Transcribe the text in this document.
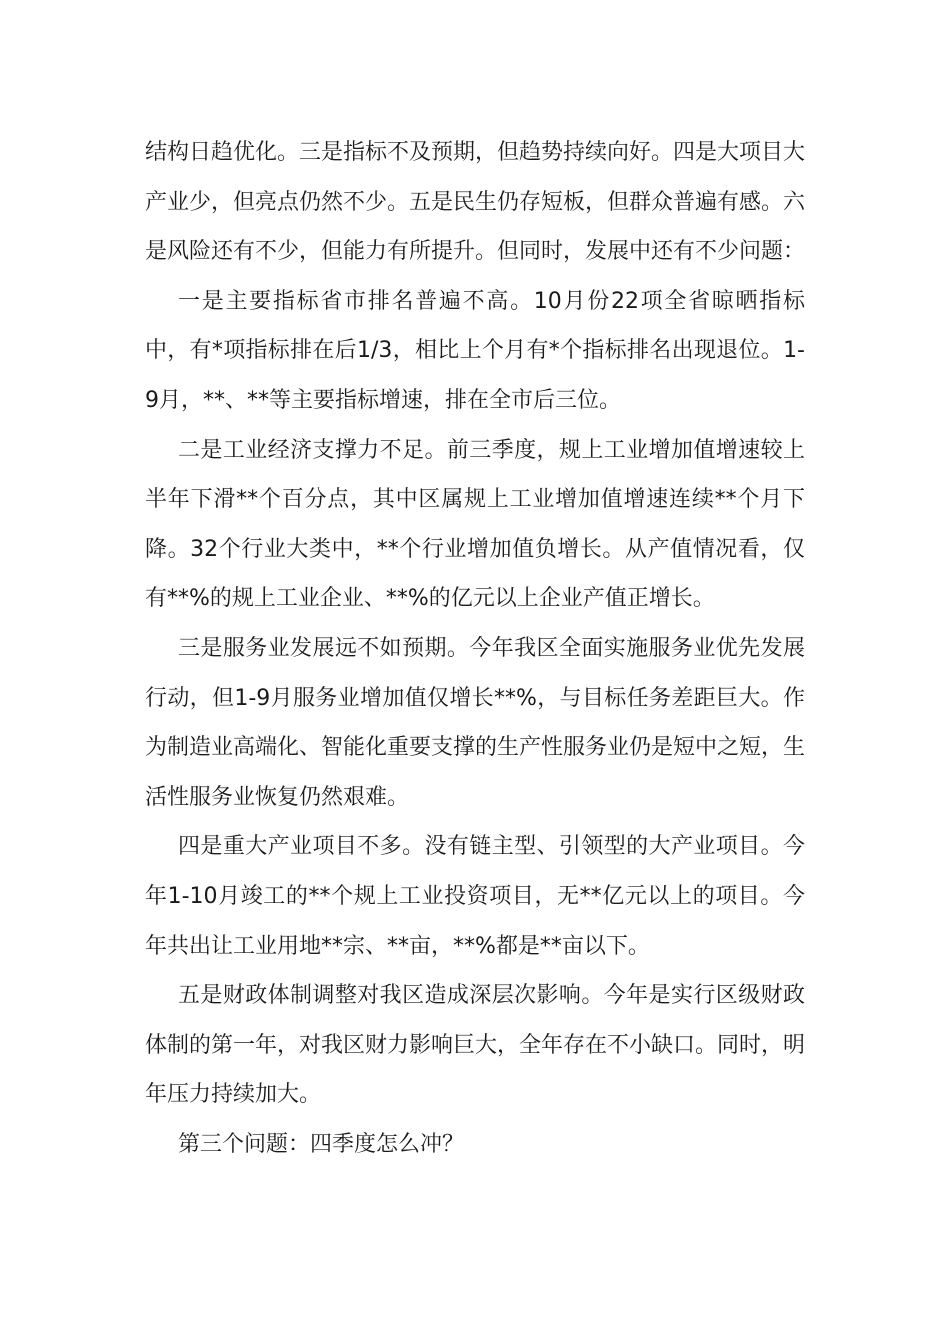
结构日趋优化。三是指标不及预期，但趋势持续向好。四是大项目大产业少，但亮点仍然不少。五是民生仍存短板，但群众普遍有感。六是风险还有不少，但能力有所提升。但同时，发展中还有不少问题：

一是主要指标省市排名普遍不高。10月份22项全省晾晒指标中，有*项指标排在后1/3，相比上个月有*个指标排名出现退位。1-9月，**、**等主要指标增速，排在全市后三位。

二是工业经济支撑力不足。前三季度，规上工业增加值增速较上半年下滑**个百分点，其中区属规上工业增加值增速连续**个月下降。32个行业大类中，**个行业增加值负增长。从产值情况看，仅有**%的规上工业企业、**%的亿元以上企业产值正增长。

三是服务业发展远不如预期。今年我区全面实施服务业优先发展行动，但1-9月服务业增加值仅增长**%，与目标任务差距巨大。作为制造业高端化、智能化重要支撑的生产性服务业仍是短中之短，生活性服务业恢复仍然艰难。

四是重大产业项目不多。没有链主型、引领型的大产业项目。今年1-10月竣工的**个规上工业投资项目，无**亿元以上的项目。今年共出让工业用地**宗、**亩，**%都是**亩以下。

五是财政体制调整对我区造成深层次影响。今年是实行区级财政体制的第一年，对我区财力影响巨大，全年存在不小缺口。同时，明年压力持续加大。

第三个问题：四季度怎么冲？
